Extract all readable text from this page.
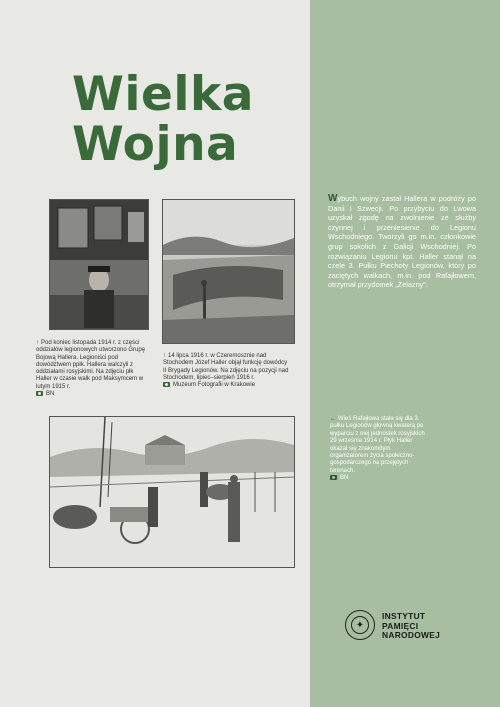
Wielka
Wojna
↑ Pod koniec listopada 1914 r. z części oddziałów legionowych utworzono Grupę Bojową Hallera. Legioniści pod dowództwem ppłk. Hallera walczyli z oddziałami rosyjskimi. Na zdjęciu płk Haller w czasie walk pod Maksymcem w lutym 1915 r.
BN
↑ 14 lipca 1916 r. w Czeremosznie nad Stochodem Józef Haller objął funkcję dowódcy II Brygady Legionów. Na zdjęciu na pozycji nad Stochodem, lipiec–sierpień 1916 r.
Muzeum Fotografii w Krakowie
Wybuch wojny zastał Hallera w podróży po Danii i Szwecji. Po przybyciu do Lwowa uzyskał zgodę na zwolnienie ze służby czynnej i przeniesienie do Legionu Wschodniego. Tworzyli go m.in. członkowie grup sokolich z Galicji Wschodniej. Po rozwiązaniu Legionu kpt. Haller stanął na czele 3. Pułku Piechoty Legionów, który po zaciętych walkach, m.in. pod Rafajłowem, otrzymał przydomek „Żelazny".
← Wieś Rafajłowa stała się dla 3. pułku Legionów główną kwaterą po wyparciu z niej jednostek rosyjskich 29 września 1914 r. Płyk Haller okazał się znakomitym organizatorem życia społeczno-gospodarczego na przejętych terenach.
BN
✦
INSTYTUT
PAMIĘCI
NARODOWEJ
